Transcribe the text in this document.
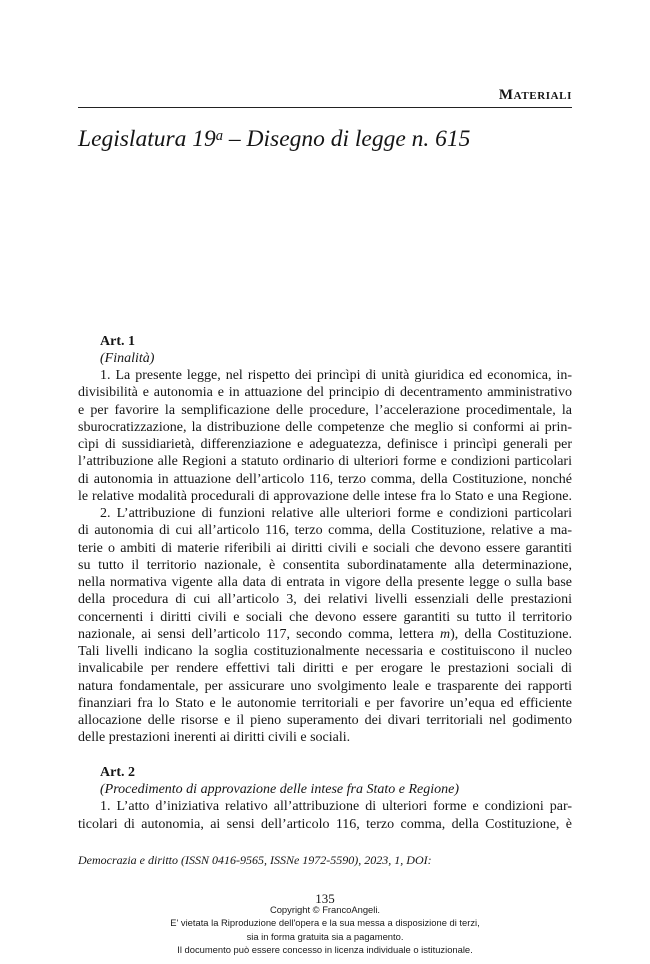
Materiali
Legislatura 19$^a$ – Disegno di legge n. 615
Art. 1
(Finalità)
1. La presente legge, nel rispetto dei princìpi di unità giuridica ed economica, in-
divisibilità e autonomia e in attuazione del principio di decentramento amministrativo
e per favorire la semplificazione delle procedure, l’accelerazione procedimentale, la
sburocratizzazione, la distribuzione delle competenze che meglio si conformi ai prin-
cìpi di sussidiarietà, differenziazione e adeguatezza, definisce i princìpi generali per
l’attribuzione alle Regioni a statuto ordinario di ulteriori forme e condizioni particolari
di autonomia in attuazione dell’articolo 116, terzo comma, della Costituzione, nonché
le relative modalità procedurali di approvazione delle intese fra lo Stato e una Regione.
2. L’attribuzione di funzioni relative alle ulteriori forme e condizioni particolari
di autonomia di cui all’articolo 116, terzo comma, della Costituzione, relative a ma-
terie o ambiti di materie riferibili ai diritti civili e sociali che devono essere garantiti
su tutto il territorio nazionale, è consentita subordinatamente alla determinazione,
nella normativa vigente alla data di entrata in vigore della presente legge o sulla base
della procedura di cui all’articolo 3, dei relativi livelli essenziali delle prestazioni
concernenti i diritti civili e sociali che devono essere garantiti su tutto il territorio
nazionale, ai sensi dell’articolo 117, secondo comma, lettera m), della Costituzione.
Tali livelli indicano la soglia costituzionalmente necessaria e costituiscono il nucleo
invalicabile per rendere effettivi tali diritti e per erogare le prestazioni sociali di
natura fondamentale, per assicurare uno svolgimento leale e trasparente dei rapporti
finanziari fra lo Stato e le autonomie territoriali e per favorire un’equa ed efficiente
allocazione delle risorse e il pieno superamento dei divari territoriali nel godimento
delle prestazioni inerenti ai diritti civili e sociali.
Art. 2
(Procedimento di approvazione delle intese fra Stato e Regione)
1. L’atto d’iniziativa relativo all’attribuzione di ulteriori forme e condizioni par-
ticolari di autonomia, ai sensi dell’articolo 116, terzo comma, della Costituzione, è
Democrazia e diritto (ISSN 0416-9565, ISSNe 1972-5590), 2023, 1, DOI:
135
Copyright © FrancoAngeli.
E' vietata la Riproduzione dell'opera e la sua messa a disposizione di terzi,
sia in forma gratuita sia a pagamento.
Il documento può essere concesso in licenza individuale o istituzionale.
